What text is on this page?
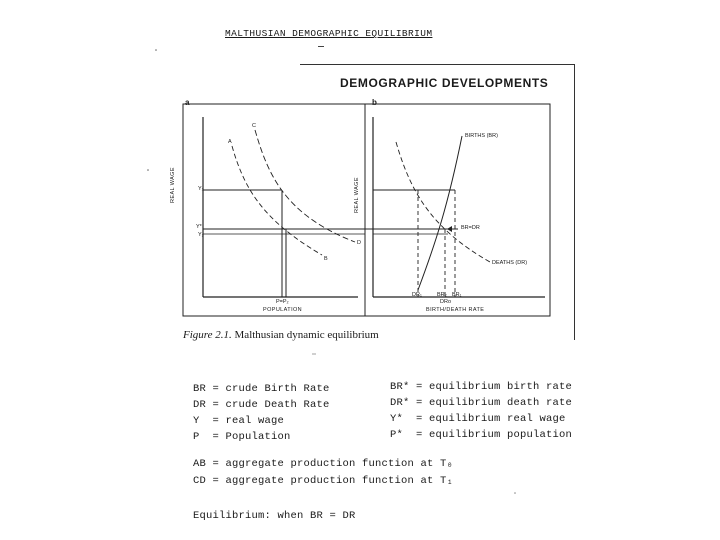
MALTHUSIAN DEMOGRAPHIC EQUILIBRIUM
DEMOGRAPHIC DEVELOPMENTS
a	b
REAL WAGE
POPULATION
A
C
B
D
Y₁
Y*
Y₂
P=P₂
REAL WAGE
BIRTH/DEATH RATE
BIRTHS (BR)
DEATHS (DR)
BR=DR
DR₁	BR₂ BR₁
DRo
Figure 2.1. Malthusian dynamic equilibrium
BR = crude Birth Rate
DR = crude Death Rate
Y  = real wage
P  = Population
BR* = equilibrium birth rate
DR* = equilibrium death rate
Y*  = equilibrium real wage
P*  = equilibrium population
AB = aggregate production function at T₀
CD = aggregate production function at T₁
Equilibrium: when BR = DR
